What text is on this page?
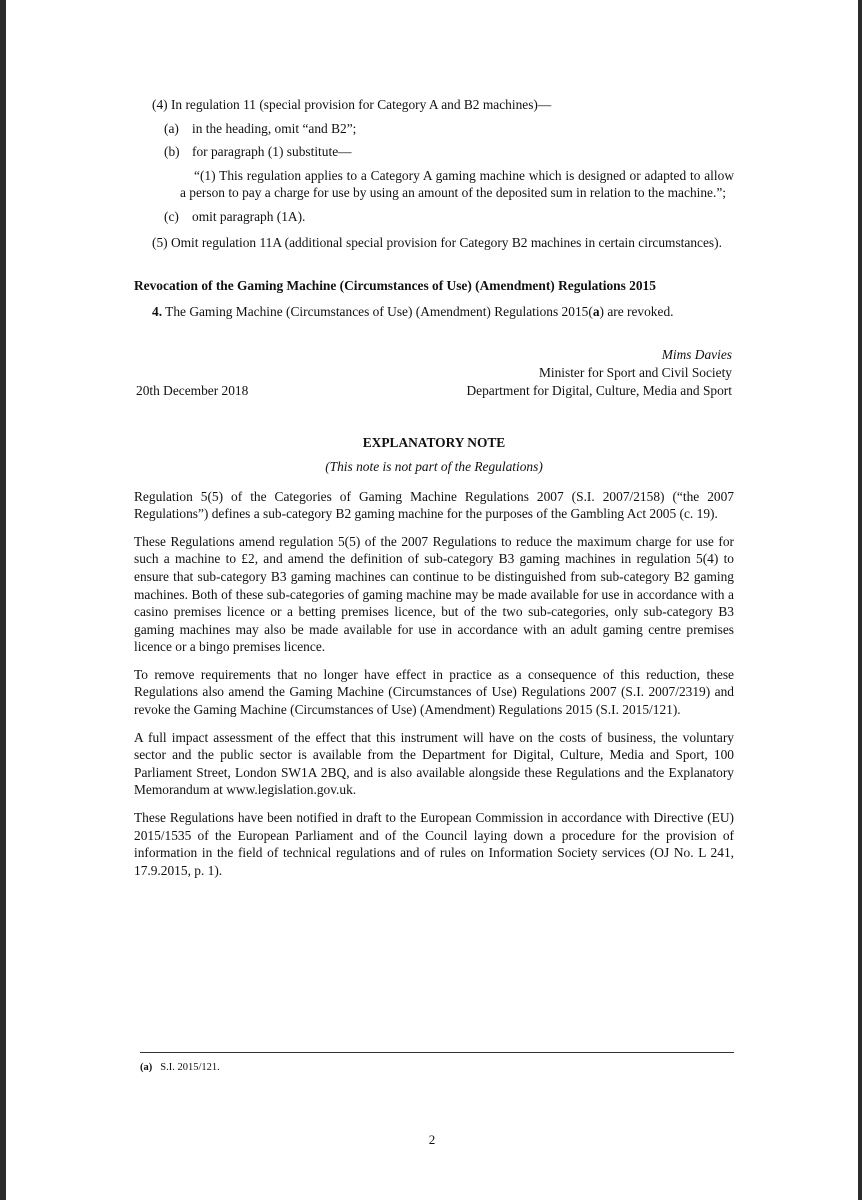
(4) In regulation 11 (special provision for Category A and B2 machines)—

(a) in the heading, omit “and B2”;

(b) for paragraph (1) substitute—

“(1) This regulation applies to a Category A gaming machine which is designed or adapted to allow a person to pay a charge for use by using an amount of the deposited sum in relation to the machine.”;

(c) omit paragraph (1A).

(5) Omit regulation 11A (additional special provision for Category B2 machines in certain circumstances).

Revocation of the Gaming Machine (Circumstances of Use) (Amendment) Regulations 2015

4. The Gaming Machine (Circumstances of Use) (Amendment) Regulations 2015(a) are revoked.

Mims Davies
Minister for Sport and Civil Society
20th December 2018	Department for Digital, Culture, Media and Sport

EXPLANATORY NOTE

(This note is not part of the Regulations)

Regulation 5(5) of the Categories of Gaming Machine Regulations 2007 (S.I. 2007/2158) (“the 2007 Regulations”) defines a sub-category B2 gaming machine for the purposes of the Gambling Act 2005 (c. 19).

These Regulations amend regulation 5(5) of the 2007 Regulations to reduce the maximum charge for use for such a machine to £2, and amend the definition of sub-category B3 gaming machines in regulation 5(4) to ensure that sub-category B3 gaming machines can continue to be distinguished from sub-category B2 gaming machines. Both of these sub-categories of gaming machine may be made available for use in accordance with a casino premises licence or a betting premises licence, but of the two sub-categories, only sub-category B3 gaming machines may also be made available for use in accordance with an adult gaming centre premises licence or a bingo premises licence.

To remove requirements that no longer have effect in practice as a consequence of this reduction, these Regulations also amend the Gaming Machine (Circumstances of Use) Regulations 2007 (S.I. 2007/2319) and revoke the Gaming Machine (Circumstances of Use) (Amendment) Regulations 2015 (S.I. 2015/121).

A full impact assessment of the effect that this instrument will have on the costs of business, the voluntary sector and the public sector is available from the Department for Digital, Culture, Media and Sport, 100 Parliament Street, London SW1A 2BQ, and is also available alongside these Regulations and the Explanatory Memorandum at www.legislation.gov.uk.

These Regulations have been notified in draft to the European Commission in accordance with Directive (EU) 2015/1535 of the European Parliament and of the Council laying down a procedure for the provision of information in the field of technical regulations and of rules on Information Society services (OJ No. L 241, 17.9.2015, p. 1).

(a) S.I. 2015/121.
2
